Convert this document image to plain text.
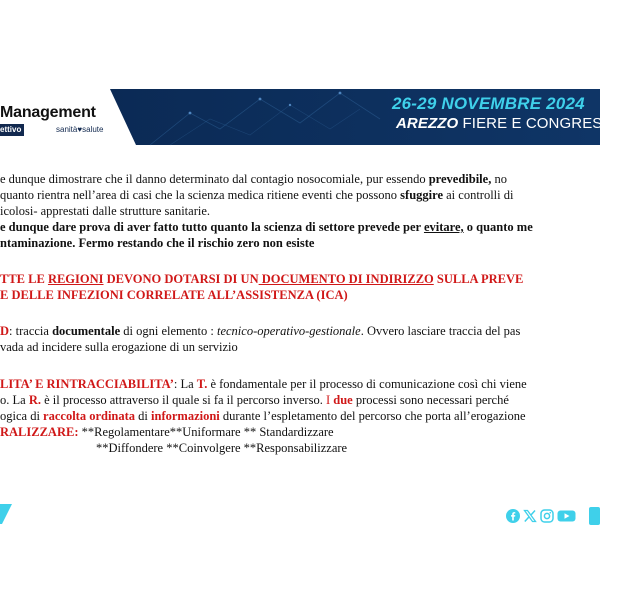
Management
ettivo	sanità♥salute
26-29 NOVEMBRE 2024
AREZZO FIERE E CONGRESSI
e dunque dimostrare che il danno determinato dal contagio nosocomiale, pur essendo prevedibile, no
quanto rientra nell’area di casi che la scienza medica ritiene eventi che possono sfuggire ai controlli di
icolosi- apprestati dalle strutture sanitarie.
e dunque dare prova di aver fatto tutto quanto la scienza di settore prevede per evitare, o quanto me
ntaminazione. Fermo restando che il rischio zero non esiste
TTE LE REGIONI DEVONO DOTARSI DI UN DOCUMENTO DI INDIRIZZO SULLA PREVE
E DELLE INFEZIONI CORRELATE ALL’ASSISTENZA (ICA)
D: traccia documentale di ogni elemento : tecnico-operativo-gestionale. Ovvero lasciare traccia del pas
vada ad incidere sulla erogazione di un servizio
LITA’ E RINTRACCIABILITA’: La T. è fondamentale per il processo di comunicazione così chi viene
o. La R. è il processo attraverso il quale si fa il percorso inverso. I due processi sono necessari perché
ogica di raccolta ordinata di informazioni durante l’espletamento del percorso che porta all’erogazione
RALIZZARE: **Regolamentare**Uniformare ** Standardizzare
**Diffondere **Coinvolgere **Responsabilizzare
